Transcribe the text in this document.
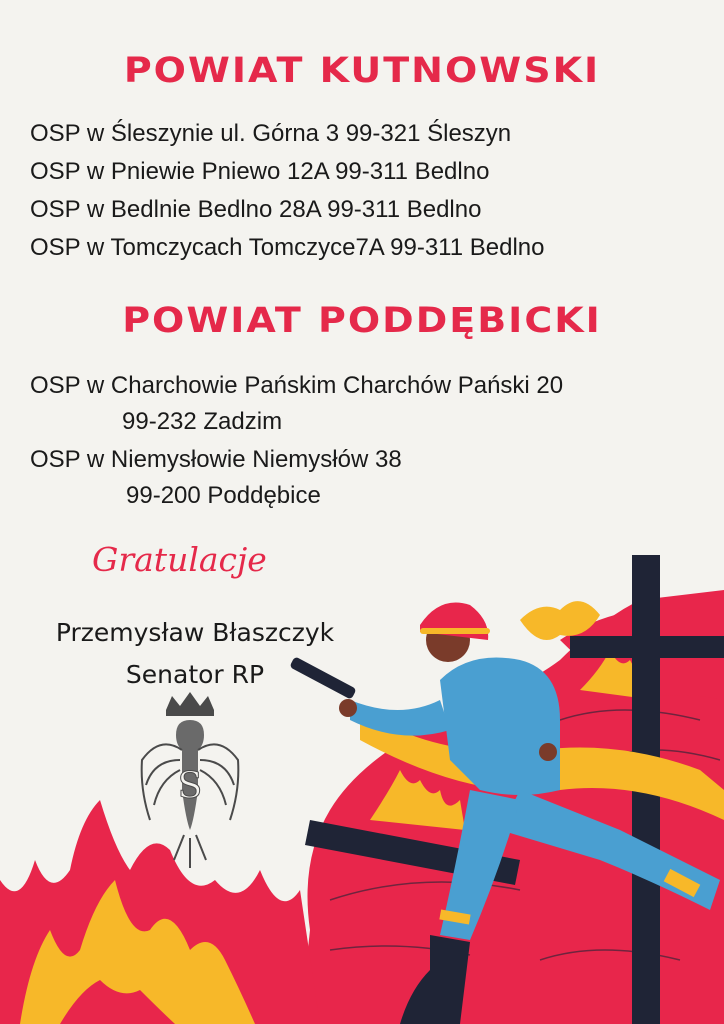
POWIAT KUTNOWSKI
OSP w Śleszynie ul. Górna 3 99-321 Śleszyn
OSP w Pniewie Pniewo 12A 99-311 Bedlno
OSP w Bedlnie Bedlno 28A 99-311 Bedlno
OSP w Tomczycach Tomczyce7A 99-311 Bedlno
POWIAT PODDĘBICKI
OSP w Charchowie Pańskim Charchów Pański 20
99-232 Zadzim
OSP w Niemysłowie Niemysłów 38
99-200 Poddębice
Gratulacje
Przemysław Błaszczyk
Senator RP
S
